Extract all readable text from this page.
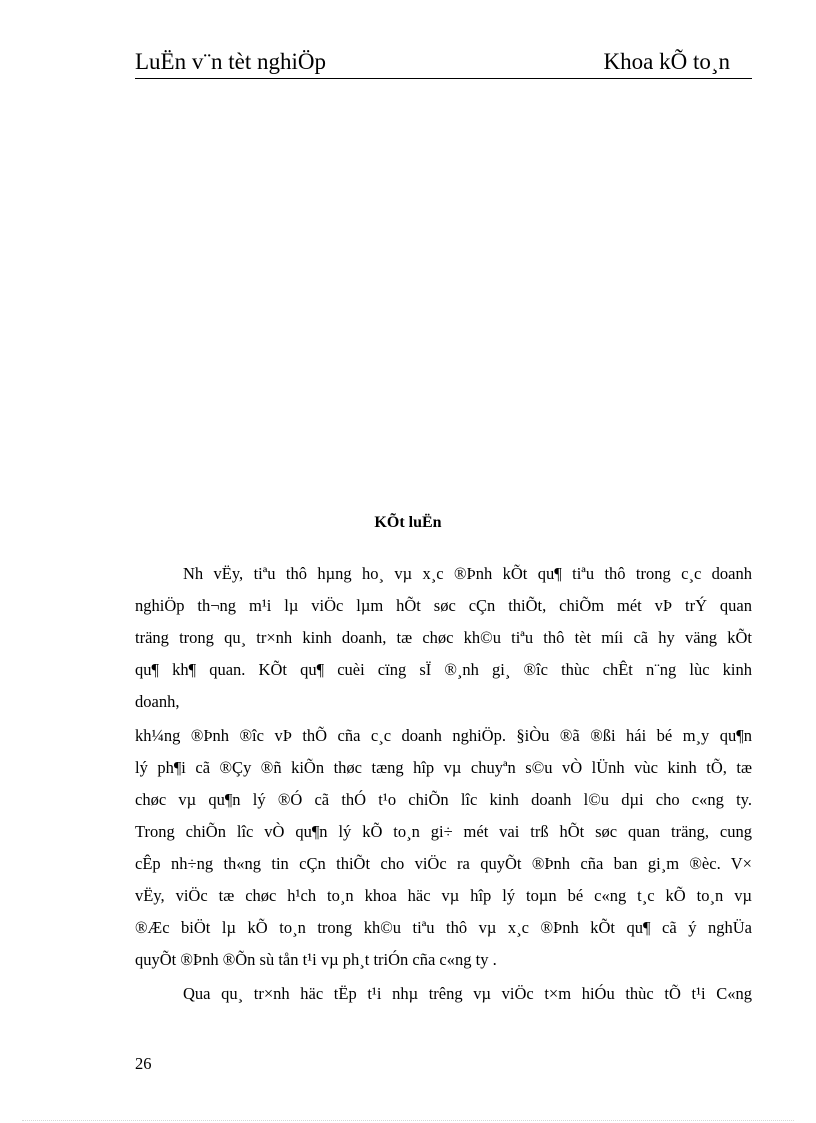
LuËn v¨n tèt nghiÖp	Khoa kÕ to¸n
KÕt luËn
Nh vËy, tiªu thô hµng ho¸ vµ x¸c ®Þnh kÕt qu¶ tiªu thô trong c¸c doanh
nghiÖp th¬ng m¹i lµ viÖc lµm hÕt søc cÇn thiÕt, chiÕm mét vÞ trÝ quan
träng trong qu¸ tr×nh kinh doanh, tæ chøc kh©u tiªu thô tèt míi cã hy väng kÕt
qu¶ kh¶ quan. KÕt qu¶ cuèi cïng sÏ ®¸nh gi¸ ®îc thùc chÊt n¨ng lùc kinh
doanh,
kh¼ng ®Þnh ®îc vÞ thÕ cña c¸c doanh nghiÖp. §iÒu ®ã ®ßi hái bé m¸y qu¶n
lý ph¶i cã ®Çy ®ñ kiÕn thøc tæng hîp vµ chuyªn s©u vÒ lÜnh vùc kinh tÕ, tæ
chøc vµ qu¶n lý ®Ó cã thÓ t¹o chiÕn lîc kinh doanh l©u dµi cho c«ng ty.
Trong chiÕn lîc vÒ qu¶n lý kÕ to¸n gi÷ mét vai trß hÕt søc quan träng, cung
cÊp nh÷ng th«ng tin cÇn thiÕt cho viÖc ra quyÕt ®Þnh cña ban gi¸m ®èc. V×
vËy, viÖc tæ chøc h¹ch to¸n khoa häc vµ hîp lý toµn bé c«ng t¸c kÕ to¸n vµ
®Æc biÖt lµ kÕ to¸n trong kh©u tiªu thô vµ x¸c ®Þnh kÕt qu¶ cã ý nghÜa
quyÕt ®Þnh ®Õn sù tån t¹i vµ ph¸t triÓn cña c«ng ty .
Qua qu¸ tr×nh häc tËp t¹i nhµ trêng vµ viÖc t×m hiÓu thùc tÕ t¹i C«ng
26
